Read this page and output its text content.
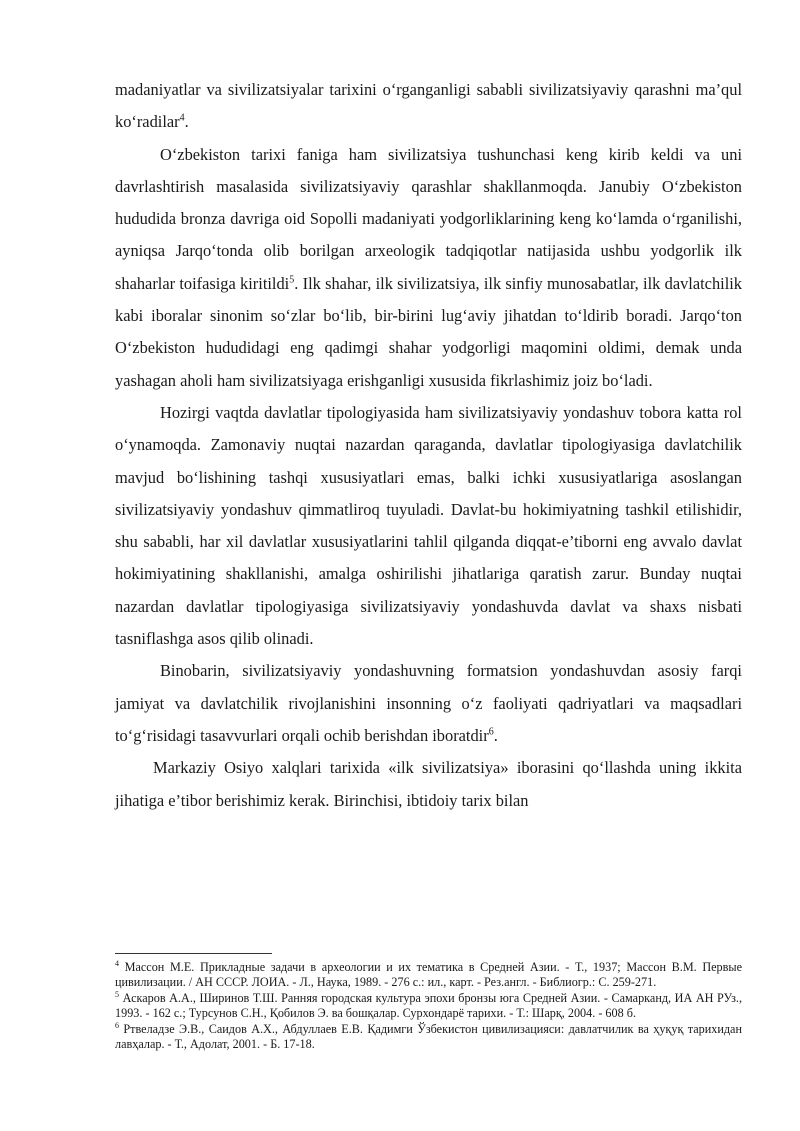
madaniyatlar va sivilizatsiyalar tarixini o‘rganganligi sababli sivilizatsiyaviy qarashni ma’qul ko‘radilar$^4$.

O‘zbekiston tarixi faniga ham sivilizatsiya tushunchasi keng kirib keldi va uni davrlashtirish masalasida sivilizatsiyaviy qarashlar shakllanmoqda. Janubiy O‘zbekiston hududida bronza davriga oid Sopolli madaniyati yodgorliklarining keng ko‘lamda o‘rganilishi, ayniqsa Jarqo‘tonda olib borilgan arxeologik tadqiqotlar natijasida ushbu yodgorlik ilk shaharlar toifasiga kiritildi$^5$. Ilk shahar, ilk sivilizatsiya, ilk sinfiy munosabatlar, ilk davlatchilik kabi iboralar sinonim so‘zlar bo‘lib, bir-birini lug‘aviy jihatdan to‘ldirib boradi. Jarqo‘ton O‘zbekiston hududidagi eng qadimgi shahar yodgorligi maqomini oldimi, demak unda yashagan aholi ham sivilizatsiyaga erishganligi xususida fikrlashimiz joiz bo‘ladi.

Hozirgi vaqtda davlatlar tipologiyasida ham sivilizatsiyaviy yondashuv tobora katta rol o‘ynamoqda. Zamonaviy nuqtai nazardan qaraganda, davlatlar tipologiyasiga davlatchilik mavjud bo‘lishining tashqi xususiyatlari emas, balki ichki xususiyatlariga asoslangan sivilizatsiyaviy yondashuv qimmatliroq tuyuladi. Davlat-bu hokimiyatning tashkil etilishidir, shu sababli, har xil davlatlar xususiyatlarini tahlil qilganda diqqat-e’tiborni eng avvalo davlat hokimiyatining shakllanishi, amalga oshirilishi jihatlariga qaratish zarur. Bunday nuqtai nazardan davlatlar tipologiyasiga sivilizatsiyaviy yondashuvda davlat va shaxs nisbati tasniflashga asos qilib olinadi.

Binobarin, sivilizatsiyaviy yondashuvning formatsion yondashuvdan asosiy farqi jamiyat va davlatchilik rivojlanishini insonning o‘z faoliyati qadriyatlari va maqsadlari to‘g‘risidagi tasavvurlari orqali ochib berishdan iboratdir$^6$.

Markaziy Osiyo xalqlari tarixida «ilk sivilizatsiya» iborasini qo‘llashda uning ikkita jihatiga e’tibor berishimiz kerak. Birinchisi, ibtidoiy tarix bilan

$^4$ Массон М.Е. Прикладные задачи в археологии и их тематика в Средней Азии. - Т., 1937; Массон В.М. Первые цивилизации. / АН СССР. ЛОИА. - Л., Наука, 1989. - 276 с.: ил., карт. - Рез.англ. - Библиогр.: С. 259-271.

$^5$ Аскаров А.А., Ширинов Т.Ш. Ранняя городская культура эпохи бронзы юга Средней Азии. - Самарканд, ИА АН РУз., 1993. - 162 с.; Турсунов С.Н., Қобилов Э. ва бошқалар. Сурхондарё тарихи. - Т.: Шарқ, 2004. - 608 б.

$^6$ Ртвеладзе Э.В., Саидов А.Х., Абдуллаев Е.В. Қадимги Ўзбекистон цивилизацияси: давлатчилик ва ҳуқуқ тарихидан лавҳалар. - Т., Адолат, 2001. - Б. 17-18.
